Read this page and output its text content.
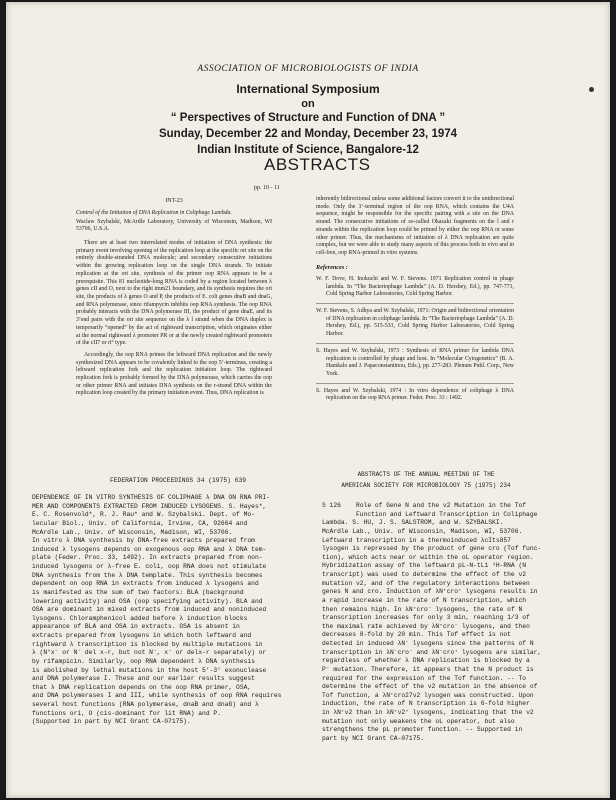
ASSOCIATION OF MICROBIOLOGISTS OF INDIA
International Symposium
on
“ Perspectives of Structure and Function of DNA ”
Sunday, December 22 and Monday, December 23, 1974
Indian Institute of Science, Bangalore-12
ABSTRACTS
pp. 10 - 11
INT-23
Control of the Initiation of DNA Replication in Coliphage Lambda.
Waclaw Szybalski, McArdle Laboratory, University of Wisconsin, Madison, WI 53706, U.S.A.

There are at least two interrelated modes of initiation of DNA synthesis: the primary event involving opening of the replication loop at the specific ori site on the entirely double-stranded DNA molecule; and secondary consecutive initiations within the growing replication loop on the single DNA strands. To initiate replication at the ori site, synthesis of the primer oop RNA appears to be a prerequisite. This 81 nucleotide-long RNA is coded by a region located between λ genes cII and O, next to the right imm21 boundary, and its synthesis requires the ori site, the products of λ genes O and P, the products of E. coli genes dnaB and dnaG, and RNA polymerase, since rifampycin inhibits oop RNA synthesis. The oop RNA probably interacts with the DNA polymerase III, the product of gene dnaE, and its 3’end pairs with the ori site sequence on the λ l strand when the DNA duplex is temporarily “opened” by the act of rightward transcription, which originates either at the normal rightward λ promoter PR or at the newly created rightward promoters of the cII7 or ri° type.

Accordingly, the oop RNA primes the leftward DNA replication and the newly synthesized DNA appears to be covalently linked to the oop 5’-terminus, creating a leftward replication fork and the replication initiation loop. The rightward replication fork is probably formed by the DNA polymerase, which carries the oop or other primer RNA and initiates DNA synthesis on the r-strand DNA within the replication loop created by the primary initiation event. Thus, DNA replication is

inherently bidirectional unless some additional factors convert it to the unidirectional mode. Only the 3’-terminal region of the oop RNA, which contains the U4A sequence, might be responsible for the specific pairing with a site on the DNA strand. The consecutive initiations of so-called Okazaki fragments on the l and r strands within the replication loop could be primed by either the oop RNA or some other primer. Thus, the mechanisms of initiation of λ DNA replication are quite complex, but we were able to study many aspects of this process both in vivo and in cell-free, oop RNA-primed in vitro systems.

References :
W. F. Dove, H. Inokuchi and W. F. Stevens. 1971 Replication control in phage lambda. In “The Bacteriophage Lambda” (A. D. Hershey, Ed.), pp. 747-771, Cold Spring Harbor Laboratories, Cold Spring Harbor.
W. F. Stevens, S. Adhya and W. Szybalski, 1971: Origin and bidirectional orientation of DNA replication in coliphage lambda. In “The Bacteriophage Lambda” (A. D. Hershey, Ed.), pp. 515-533, Cold Spring Harbor Laboratories, Cold Spring Harbor.
S. Hayes and W. Szybalski, 1973 : Synthesis of RNA primer for lambda DNA replication is controlled by phage and host. In “Molecular Cytogenetics” (B. A. Hamkalo and J. Papaconstantinou, Eds.), pp. 277-283. Plenum Publ. Corp., New York.
S. Hayes and W. Szybalski, 1974 : In vitro dependence of coliphage λ DNA replication on the oop RNA primer. Feder. Proc. 33 : 1492.
FEDERATION PROCEEDINGS 34 (1975) 639
ABSTRACTS OF THE ANNUAL MEETING OF THE
AMERICAN SOCIETY FOR MICROBIOLOGY 75 (1975) 234

DEPENDENCE OF IN VITRO SYNTHESIS OF COLIPHAGE λ DNA ON RNA PRI-

MER AND COMPONENTS EXTRACTED FROM INDUCED LYSOGENS. S. Hayes*,

E. C. Rosenvold*, R. J. Rau* and W. Szybalski. Dept. of Mo-

lecular Biol., Univ. of California, Irvine, CA, 92664 and

McArdle Lab., Univ. of Wisconsin, Madison, WI, 53706.

In vitro λ DNA synthesis by DNA-free extracts prepared from

induced λ lysogens depends on exogenous oop RNA and λ DNA tem-

plate (Feder. Proc. 33, 1492). In extracts prepared from non-

induced lysogens or λ-free E. coli, oop RNA does not stimulate

DNA synthesis from the λ DNA template. This synthesis becomes

dependent on oop RNA in extracts from induced λ lysogens and

is manifested as the sum of two factors: BLA (background

lowering activity) and OSA (oop specifying activity). BLA and

OSA are dominant in mixed extracts from induced and noninduced

lysogens. Chloramphenicol added before λ induction blocks

appearance of BLA and OSA in extracts. OSA is absent in

extracts prepared from lysogens in which both leftward and

rightward λ transcription is blocked by multiple mutations in

λ (N°x⁻ or N⁻ del x-r, but not N⁻, x⁻ or delx-r separately) or

by rifampicin. Similarly, oop RNA dependent λ DNA synthesis

is abolished by lethal mutations in the host 5’-3’ exonuclease

and DNA polymerase I. These and our earlier results suggest

that λ DNA replication depends on the oop RNA primer, OSA,

and DNA polymerases I and III, while synthesis of oop RNA requires

several host functions (RNA polymerase, dnaB and dnaG) and λ

functions ori, O (cis-dominant for lit RNA) and P.

(Supported in part by NCI Grant CA-07175).

S 126 Role of Gene N and the ν2 Mutation in the Tof

Function and Leftward Transcription in Coliphage

Lambda. S. HU, J. S. SALSTROM, and W. SZYBALSKI.

McArdle Lab., Univ. of Wisconsin, Madison, WI, 53706.

Leftward transcription in a thermoinduced λcIts857

lysogen is repressed by the product of gene cro (Tof func-

tion), which acts near or within the oL operator region.

Hybridization assay of the leftward pL-N-tL1 ³H-RNA (N

transcript) was used to determine the effect of the ν2

mutation ν2, and of the regulatory interactions between

genes N and cro. Induction of λN⁺cro⁺ lysogens results in

a rapid increase in the rate of N transcription, which

then remains high. In λN⁺cro⁻ lysogens, the rate of N

transcription increases for only 3 min, reaching 1/3 of

the maximal rate achieved by λN⁺cro⁻ lysogens, and then

decreases 8-fold by 20 min. This Tof effect is not

detected in induced λN⁻ lysogens since the patterns of N

transcription in λN⁻cro⁻ and λN⁻cro⁺ lysogens are similar,

regardless of whether λ DNA replication is blocked by a

P⁻ mutation. Therefore, it appears that the N product is

required for the expression of the Tof function. -- To

determine the effect of the ν2 mutation in the absence of

Tof function, a λN⁺cro27ν2 lysogen was constructed. Upon

induction, the rate of N transcription is 6-fold higher

in λN⁺ν2 than in λN⁺ν2⁺ lysogens, indicating that the ν2

mutation not only weakens the oL operator, but also

strengthens the pL promoter function. -- Supported in

part by NCI Grant CA-07175.
